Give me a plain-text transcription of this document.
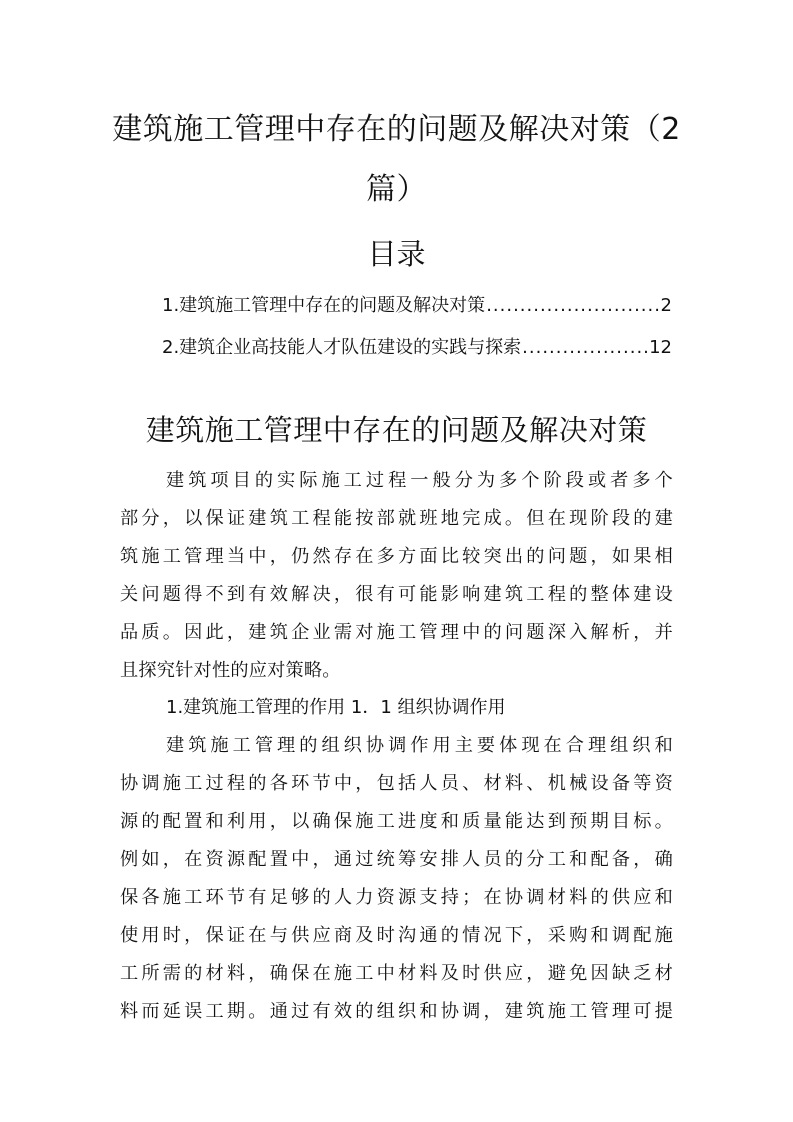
建筑施工管理中存在的问题及解决对策（2
篇）
目录
1.建筑施工管理中存在的问题及解决对策 .....	2
2.建筑企业高技能人才队伍建设的实践与探索 .....	12
建筑施工管理中存在的问题及解决对策
建筑项目的实际施工过程一般分为多个阶段或者多个
部分，以保证建筑工程能按部就班地完成。但在现阶段的建
筑施工管理当中，仍然存在多方面比较突出的问题，如果相
关问题得不到有效解决，很有可能影响建筑工程的整体建设
品质。因此，建筑企业需对施工管理中的问题深入解析，并
且探究针对性的应对策略。
1.建筑施工管理的作用 1．1 组织协调作用
建筑施工管理的组织协调作用主要体现在合理组织和
协调施工过程的各环节中，包括人员、材料、机械设备等资
源的配置和利用，以确保施工进度和质量能达到预期目标。
例如，在资源配置中，通过统筹安排人员的分工和配备，确
保各施工环节有足够的人力资源支持；在协调材料的供应和
使用时，保证在与供应商及时沟通的情况下，采购和调配施
工所需的材料，确保在施工中材料及时供应，避免因缺乏材
料而延误工期。通过有效的组织和协调，建筑施工管理可提
